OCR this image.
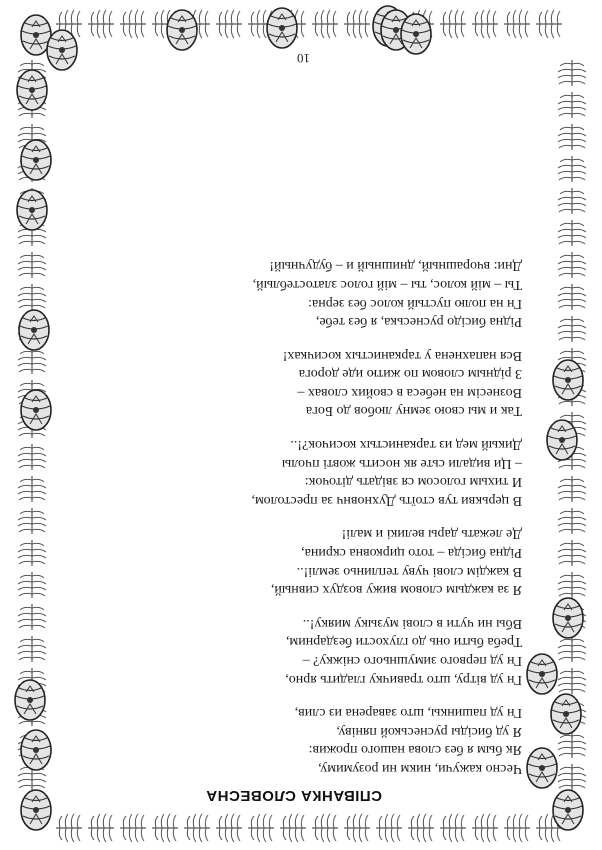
СПІВАНКА СЛОВЕСНА
Чесно кажучи, никм ни розумиму,
Як бым я без слова нашого прожив:
Я уд бисіды руснеськой пяніву,
Гн уд пашинкы, што заварена из слив,
Гн уд вітру, што травичку гладить ярно,
Гн уд первого зимушнього сніжку? –
Треба быти онь до глухости бездарним,
Вбы ни чути в слові музыку мияку!..
Я за каждым словом вижу воздух сивный,
В каждім слові чуву теплиньо землі!..
Рідна бисіда – тото цирковна скрина,
Де лежать дары великі и малі!
В церькви тув стоїть Духновнч за престолом,
И тихым голосом ся звідать діточок:
– Ци видали сьте як носить жовті пчолы
Дикый мед из тарканистых косичок?!..
Так и мы свою земну любов до Бога
Вознесім на небеса в свойих словах –
З рідным словом по житю иде дорога
Вся напахнена у тарканистых косичках!
Рідна бисідо руснеська, я без тебе,
Гн на полю пустый колос без зерна:
Ты – мій колос, ты – мій голос златостеблый,
Дни: вчорашный, днишный и – будучный!
10
